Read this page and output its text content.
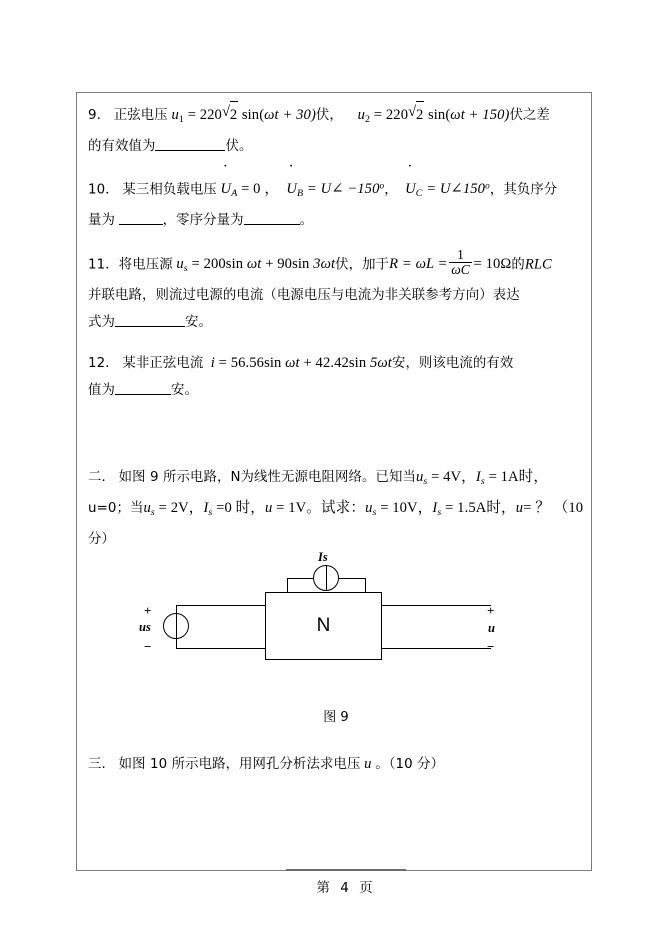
9． 正弦电压 $u_1 = 220$ √ 2 sin(ωt + 30)伏， $u_2 = 220$ √ 2 sin(ωt + 150)伏之差
的有效值为	伏。
10． 某三相负载电压 ˙ $U_A = 0$ ， ˙ $U_B$ = U∠ $-150^o$， ˙ $U_C$ = $U\angle 150^o$，其负序分
量为	，零序分量为	。
11．将电压源 $u_s = 200\sin$ ωt + 90sin 3ωt伏，加于$R = \omega L = \frac{1}{\omega C} = 10\Omega$的RLC
并联电路，则流过电源的电流（电源电压与电流为非关联参考方向）表达
式为	安。
12． 某非正弦电流 i = 56.56sin ωt + 42.42sin 5ωt安，则该电流的有效
值为	安。
二． 如图 9 所示电路，N为线性无源电阻网络。已知当$u_s = 4V$，$I_s = 1A$时，
u=0；当$u_s = 2V$，$I_s =0$ 时，u = 1V。试求：$u_s = 10V$，$I_s = 1.5A$时，u= ？ （10
分）
N
Is
+
us
−
+
u
−
图 9
三． 如图 10 所示电路，用网孔分析法求电压 u 。（10 分）
第 4 页
